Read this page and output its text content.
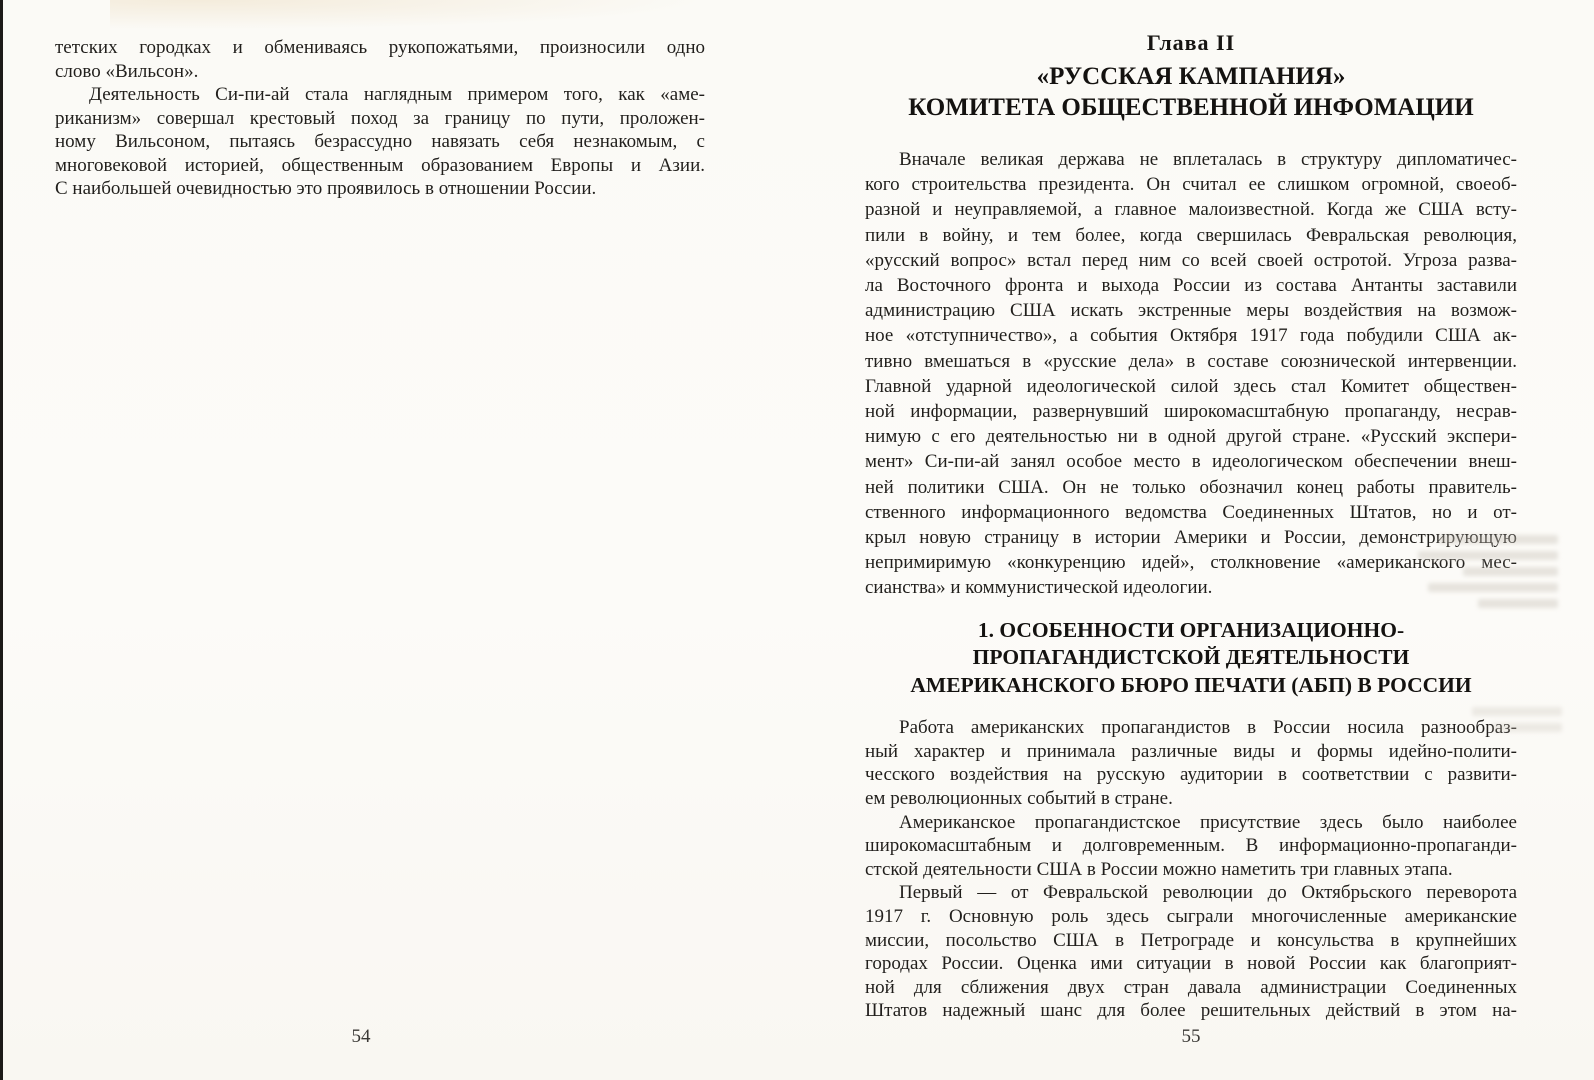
тетских городках и обмениваясь рукопожатьями, произносили одно
слово «Вильсон».
Деятельность Си-пи-ай стала наглядным примером того, как «аме-
риканизм» совершал крестовый поход за границу по пути, проложен-
ному Вильсоном, пытаясь безрассудно навязать себя незнакомым, с
многовековой историей, общественным образованием Европы и Азии.
С наибольшей очевидностью это проявилось в отношении России.
54
Глава II
«РУССКАЯ КАМПАНИЯ»
КОМИТЕТА ОБЩЕСТВЕННОЙ ИНФОМАЦИИ
Вначале великая держава не вплеталась в структуру дипломатичес-
кого строительства президента. Он считал ее слишком огромной, своеоб-
разной и неуправляемой, а главное малоизвестной. Когда же США всту-
пили в войну, и тем более, когда свершилась Февральская революция,
«русский вопрос» встал перед ним со всей своей остротой. Угроза разва-
ла Восточного фронта и выхода России из состава Антанты заставили
администрацию США искать экстренные меры воздействия на возмож-
ное «отступничество», а события Октября 1917 года побудили США ак-
тивно вмешаться в «русские дела» в составе союзнической интервенции.
Главной ударной идеологической силой здесь стал Комитет обществен-
ной информации, развернувший широкомасштабную пропаганду, несрав-
нимую с его деятельностью ни в одной другой стране. «Русский экспери-
мент» Си-пи-ай занял особое место в идеологическом обеспечении внеш-
ней политики США. Он не только обозначил конец работы правитель-
ственного информационного ведомства Соединенных Штатов, но и от-
крыл новую страницу в истории Америки и России, демонстрирующую
непримиримую «конкуренцию идей», столкновение «американского мес-
сианства» и коммунистической идеологии.
1. ОСОБЕННОСТИ ОРГАНИЗАЦИОННО-
ПРОПАГАНДИСТСКОЙ ДЕЯТЕЛЬНОСТИ
АМЕРИКАНСКОГО БЮРО ПЕЧАТИ (АБП) В РОССИИ
Работа американских пропагандистов в России носила разнообраз-
ный характер и принимала различные виды и формы идейно-полити-
чесского воздействия на русскую аудитории в соответствии с развити-
ем революционных событий в стране.
Американское пропагандистское присутствие здесь было наиболее
широкомасштабным и долговременным. В информационно-пропаганди-
стской деятельности США в России можно наметить три главных этапа.
Первый — от Февральской революции до Октябрьского переворота
1917 г. Основную роль здесь сыграли многочисленные американские
миссии, посольство США в Петрограде и консульства в крупнейших
городах России. Оценка ими ситуации в новой России как благоприят-
ной для сближения двух стран давала администрации Соединенных
Штатов надежный шанс для более решительных действий в этом на-
55
